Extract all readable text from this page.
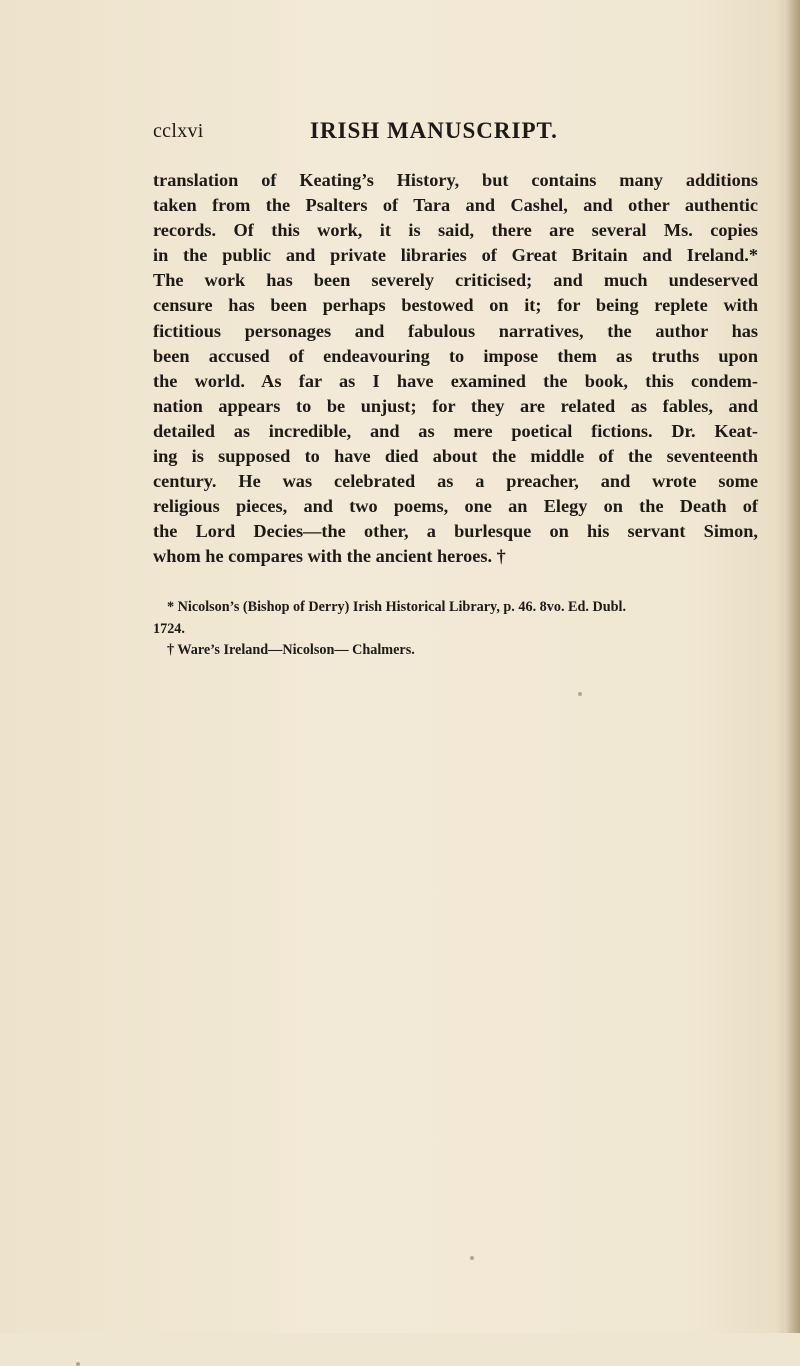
cclxvi	IRISH MANUSCRIPT.
translation of Keating’s History, but contains many additions
taken from the Psalters of Tara and Cashel, and other authentic
records. Of this work, it is said, there are several Ms. copies
in the public and private libraries of Great Britain and Ireland.*
The work has been severely criticised; and much undeserved
censure has been perhaps bestowed on it; for being replete with
fictitious personages and fabulous narratives, the author has
been accused of endeavouring to impose them as truths upon
the world. As far as I have examined the book, this condem-
nation appears to be unjust; for they are related as fables, and
detailed as incredible, and as mere poetical fictions. Dr. Keat-
ing is supposed to have died about the middle of the seventeenth
century. He was celebrated as a preacher, and wrote some
religious pieces, and two poems, one an Elegy on the Death of
the Lord Decies—the other, a burlesque on his servant Simon,
whom he compares with the ancient heroes. †
* Nicolson’s (Bishop of Derry) Irish Historical Library, p. 46. 8vo. Ed. Dubl.
1724.
† Ware’s Ireland—Nicolson— Chalmers.
